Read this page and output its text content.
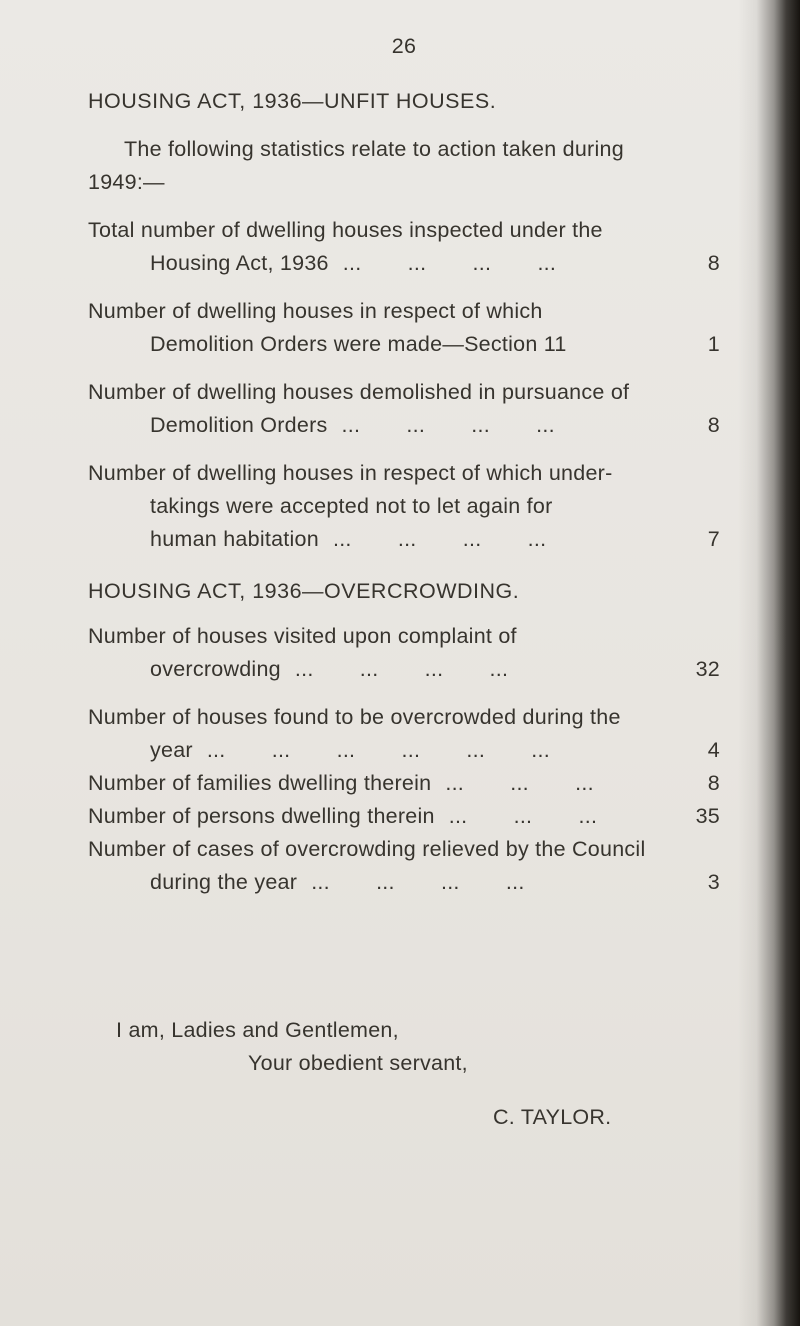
26
HOUSING ACT, 1936—UNFIT HOUSES.
The following statistics relate to action taken during
1949:—
Total number of dwelling houses inspected under the
Housing Act, 1936 ... ... ... ...	8
Number of dwelling houses in respect of which
Demolition Orders were made—Section 11	1
Number of dwelling houses demolished in pursuance of
Demolition Orders ... ... ... ...	8
Number of dwelling houses in respect of which under-
takings were accepted not to let again for
human habitation ... ... ... ...	7
HOUSING ACT, 1936—OVERCROWDING.
Number of houses visited upon complaint of
overcrowding ... ... ... ...	32
Number of houses found to be overcrowded during the
year ... ... ... ... ... ...	4
Number of families dwelling therein ... ... ...	8
Number of persons dwelling therein ... ... ...	35
Number of cases of overcrowding relieved by the Council
during the year ... ... ... ...	3
I am, Ladies and Gentlemen,
Your obedient servant,
C. TAYLOR.
